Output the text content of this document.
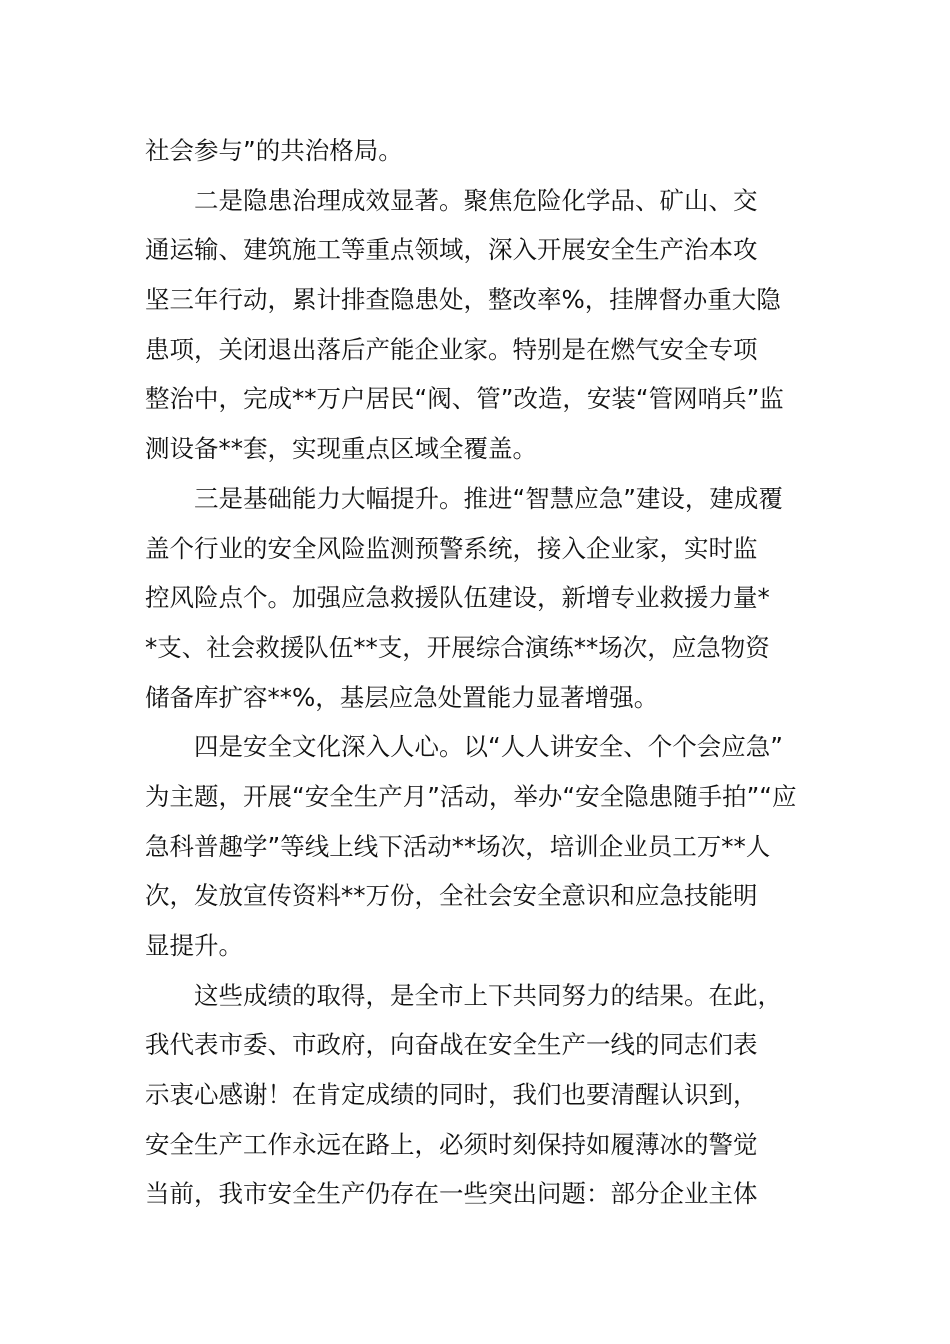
社会参与”的共治格局。
　　二是隐患治理成效显著。聚焦危险化学品、矿山、交
通运输、建筑施工等重点领域，深入开展安全生产治本攻
坚三年行动，累计排查隐患处，整改率%，挂牌督办重大隐
患项，关闭退出落后产能企业家。特别是在燃气安全专项
整治中，完成**万户居民“阀、管”改造，安装“管网哨兵”监
测设备**套，实现重点区域全覆盖。
　　三是基础能力大幅提升。推进“智慧应急”建设，建成覆
盖个行业的安全风险监测预警系统，接入企业家，实时监
控风险点个。加强应急救援队伍建设，新增专业救援力量*
*支、社会救援队伍**支，开展综合演练**场次，应急物资
储备库扩容**%，基层应急处置能力显著增强。
　　四是安全文化深入人心。以“人人讲安全、个个会应急”
为主题，开展“安全生产月”活动，举办“安全隐患随手拍”“应
急科普趣学”等线上线下活动**场次，培训企业员工万**人
次，发放宣传资料**万份，全社会安全意识和应急技能明
显提升。
　　这些成绩的取得，是全市上下共同努力的结果。在此，
我代表市委、市政府，向奋战在安全生产一线的同志们表
示衷心感谢！在肯定成绩的同时，我们也要清醒认识到，
安全生产工作永远在路上，必须时刻保持如履薄冰的警觉
当前，我市安全生产仍存在一些突出问题：部分企业主体
